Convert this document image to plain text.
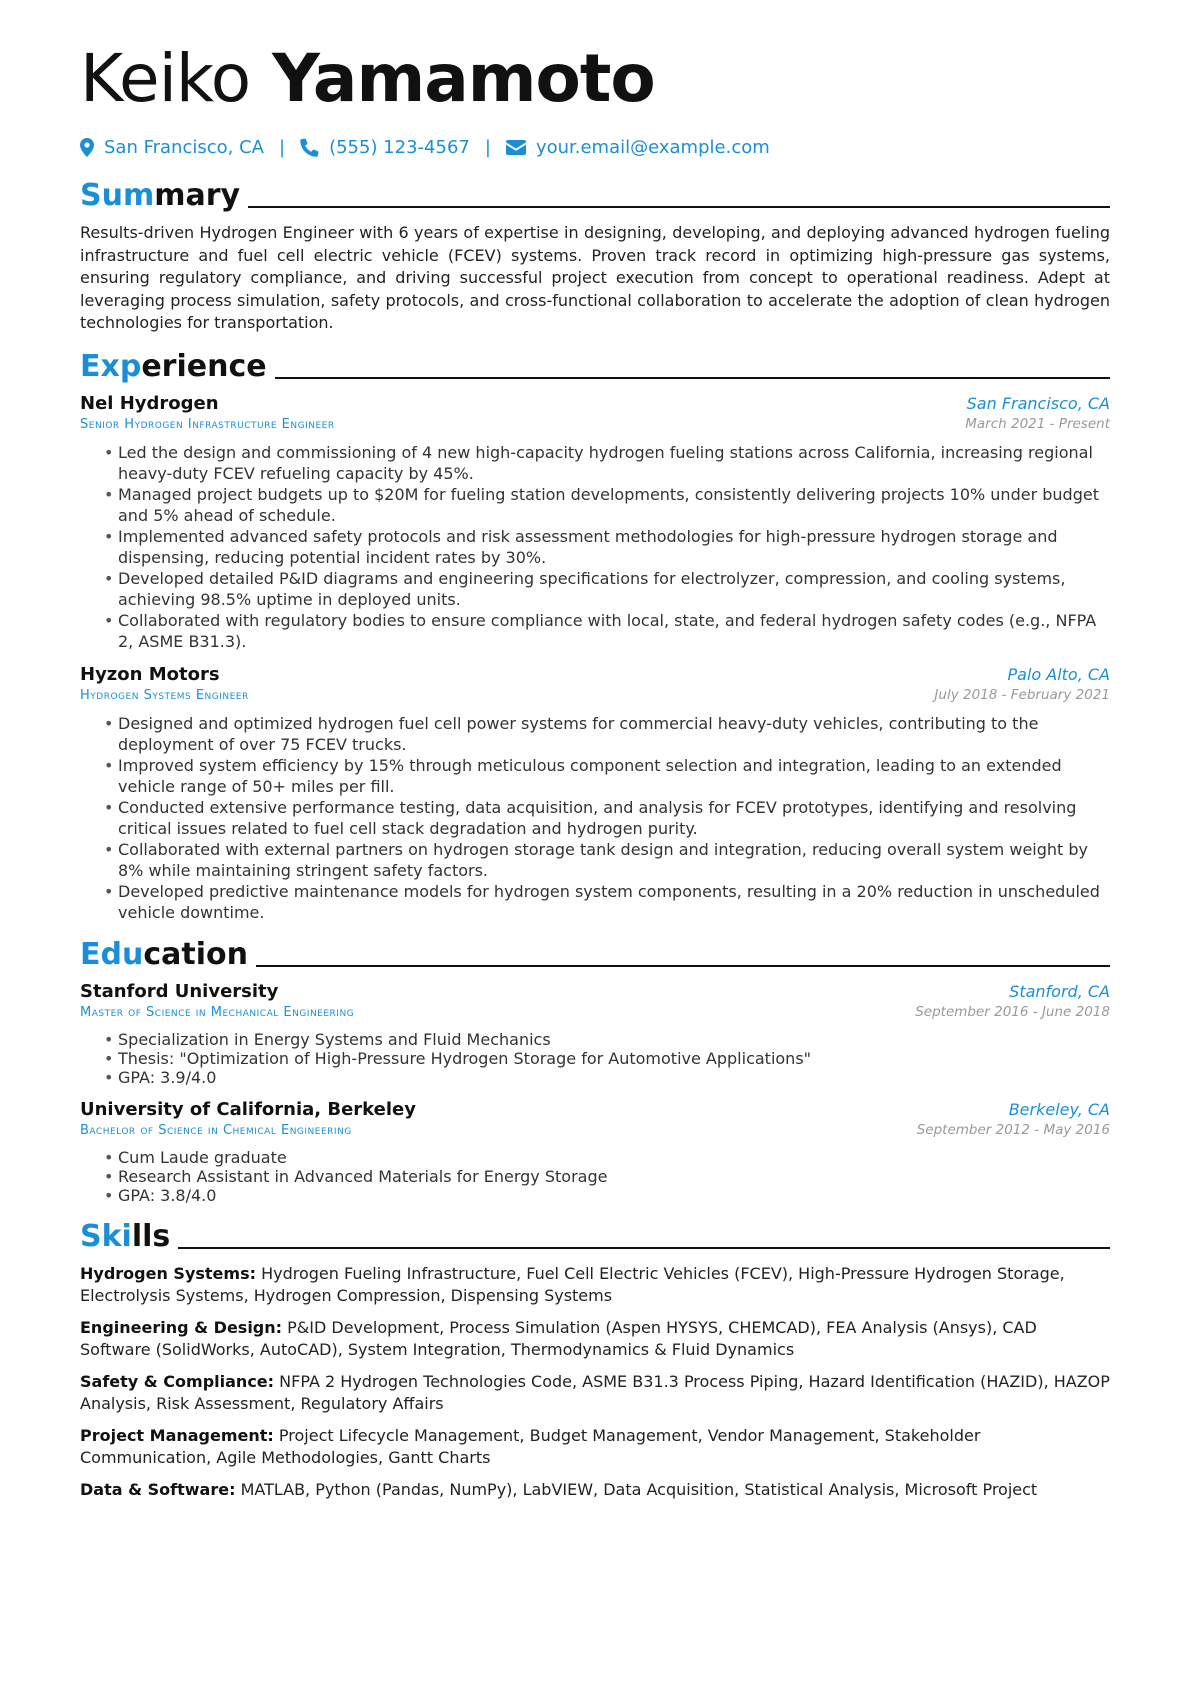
Keiko Yamamoto
San Francisco, CA | (555) 123-4567 |	your.email@example.com
Summary

Results-driven Hydrogen Engineer with 6 years of expertise in designing, developing, and deploying advanced hydrogen fueling infrastructure and fuel cell electric vehicle (FCEV) systems. Proven track record in optimizing high-pressure gas systems, ensuring regulatory compliance, and driving successful project execution from concept to operational readiness. Adept at leveraging process simulation, safety protocols, and cross-functional collaboration to accelerate the adoption of clean hydrogen technologies for transportation.

Experience
Nel Hydrogen	San Francisco, CA
Senior Hydrogen Infrastructure Engineer	March 2021 - Present
• Led the design and commissioning of 4 new high-capacity hydrogen fueling stations across California, increasing regional heavy-duty FCEV refueling capacity by 45%.
• Managed project budgets up to $20M for fueling station developments, consistently delivering projects 10% under budget and 5% ahead of schedule.
• Implemented advanced safety protocols and risk assessment methodologies for high-pressure hydrogen storage and dispensing, reducing potential incident rates by 30%.
• Developed detailed P&ID diagrams and engineering specifications for electrolyzer, compression, and cooling systems, achieving 98.5% uptime in deployed units.
• Collaborated with regulatory bodies to ensure compliance with local, state, and federal hydrogen safety codes (e.g., NFPA 2, ASME B31.3).
Hyzon Motors	Palo Alto, CA
Hydrogen Systems Engineer	July 2018 - February 2021
• Designed and optimized hydrogen fuel cell power systems for commercial heavy-duty vehicles, contributing to the deployment of over 75 FCEV trucks.
• Improved system efficiency by 15% through meticulous component selection and integration, leading to an extended vehicle range of 50+ miles per fill.
• Conducted extensive performance testing, data acquisition, and analysis for FCEV prototypes, identifying and resolving critical issues related to fuel cell stack degradation and hydrogen purity.
• Collaborated with external partners on hydrogen storage tank design and integration, reducing overall system weight by 8% while maintaining stringent safety factors.
• Developed predictive maintenance models for hydrogen system components, resulting in a 20% reduction in unscheduled vehicle downtime.
Education
Stanford University	Stanford, CA
Master of Science in Mechanical Engineering	September 2016 - June 2018
• Specialization in Energy Systems and Fluid Mechanics
• Thesis: "Optimization of High-Pressure Hydrogen Storage for Automotive Applications"
• GPA: 3.9/4.0
University of California, Berkeley	Berkeley, CA
Bachelor of Science in Chemical Engineering	September 2012 - May 2016
• Cum Laude graduate
• Research Assistant in Advanced Materials for Energy Storage
• GPA: 3.8/4.0
Skills

Hydrogen Systems: Hydrogen Fueling Infrastructure, Fuel Cell Electric Vehicles (FCEV), High-Pressure Hydrogen Storage, Electrolysis Systems, Hydrogen Compression, Dispensing Systems

Engineering & Design: P&ID Development, Process Simulation (Aspen HYSYS, CHEMCAD), FEA Analysis (Ansys), CAD Software (SolidWorks, AutoCAD), System Integration, Thermodynamics & Fluid Dynamics

Safety & Compliance: NFPA 2 Hydrogen Technologies Code, ASME B31.3 Process Piping, Hazard Identification (HAZID), HAZOP Analysis, Risk Assessment, Regulatory Affairs

Project Management: Project Lifecycle Management, Budget Management, Vendor Management, Stakeholder Communication, Agile Methodologies, Gantt Charts

Data & Software: MATLAB, Python (Pandas, NumPy), LabVIEW, Data Acquisition, Statistical Analysis, Microsoft Project
